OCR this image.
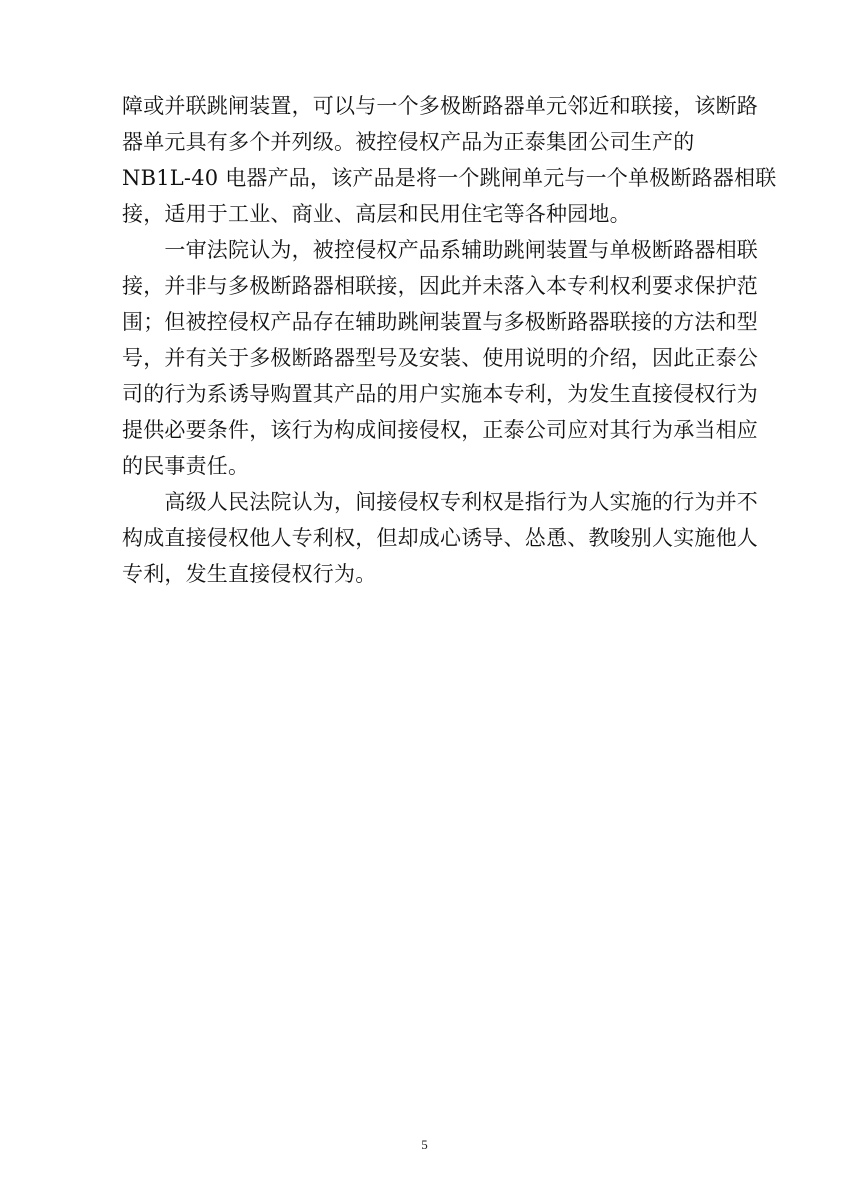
障或并联跳闸装置，可以与一个多极断路器单元邻近和联接，该断路
器单元具有多个并列级。被控侵权产品为正泰集团公司生产的
NB1L-40 电器产品，该产品是将一个跳闸单元与一个单极断路器相联
接，适用于工业、商业、高层和民用住宅等各种园地。

　　一审法院认为，被控侵权产品系辅助跳闸装置与单极断路器相联
接，并非与多极断路器相联接，因此并未落入本专利权利要求保护范
围；但被控侵权产品存在辅助跳闸装置与多极断路器联接的方法和型
号，并有关于多极断路器型号及安装、使用说明的介绍，因此正泰公
司的行为系诱导购置其产品的用户实施本专利，为发生直接侵权行为
提供必要条件，该行为构成间接侵权，正泰公司应对其行为承当相应
的民事责任。

　　高级人民法院认为，间接侵权专利权是指行为人实施的行为并不
构成直接侵权他人专利权，但却成心诱导、怂恿、教唆别人实施他人
专利，发生直接侵权行为。

5
